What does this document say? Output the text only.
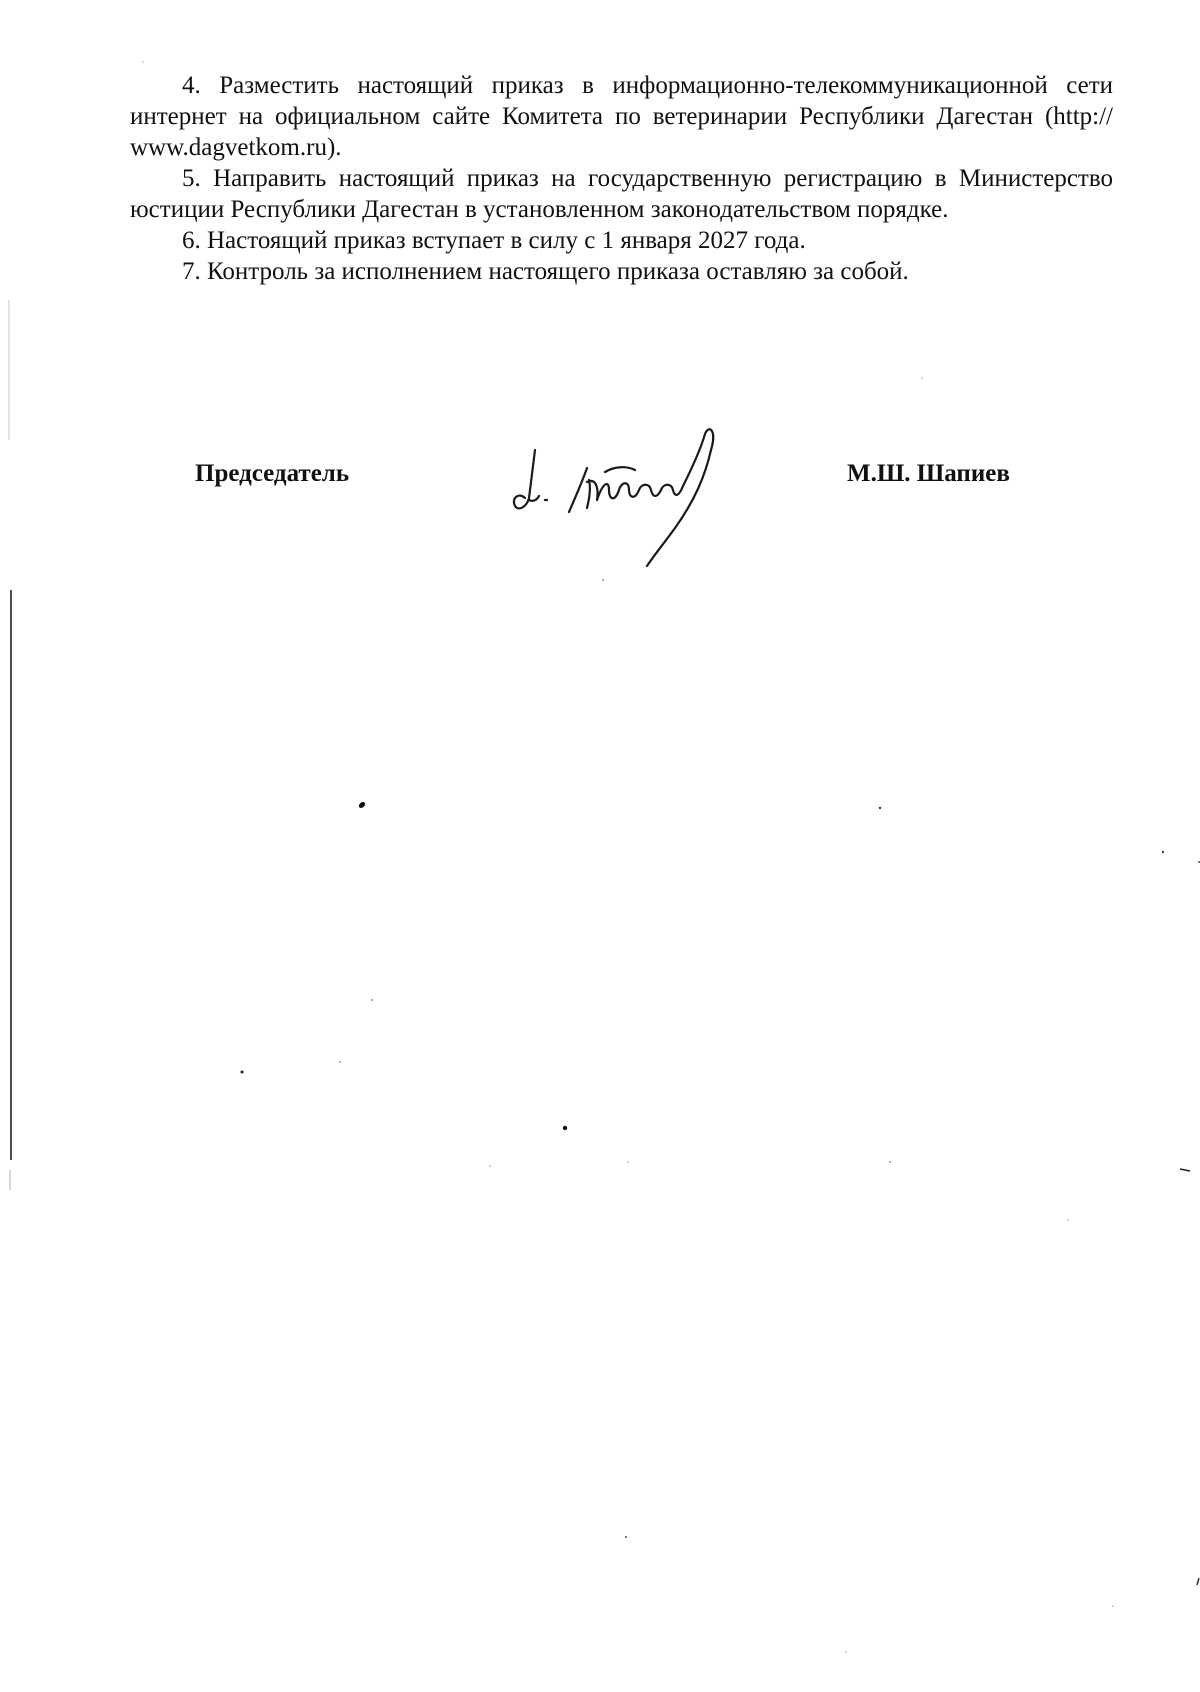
4. Разместить настоящий приказ в информационно-телекоммуникационной сети интернет на официальном сайте Комитета по ветеринарии Республики Дагестан (http:// www.dagvetkom.ru).

5. Направить настоящий приказ на государственную регистрацию в Министерство юстиции Республики Дагестан в установленном законодательством порядке.

6. Настоящий приказ вступает в силу с 1 января 2027 года.

7. Контроль за исполнением настоящего приказа оставляю за собой.

Председатель	М.Ш. Шапиев
